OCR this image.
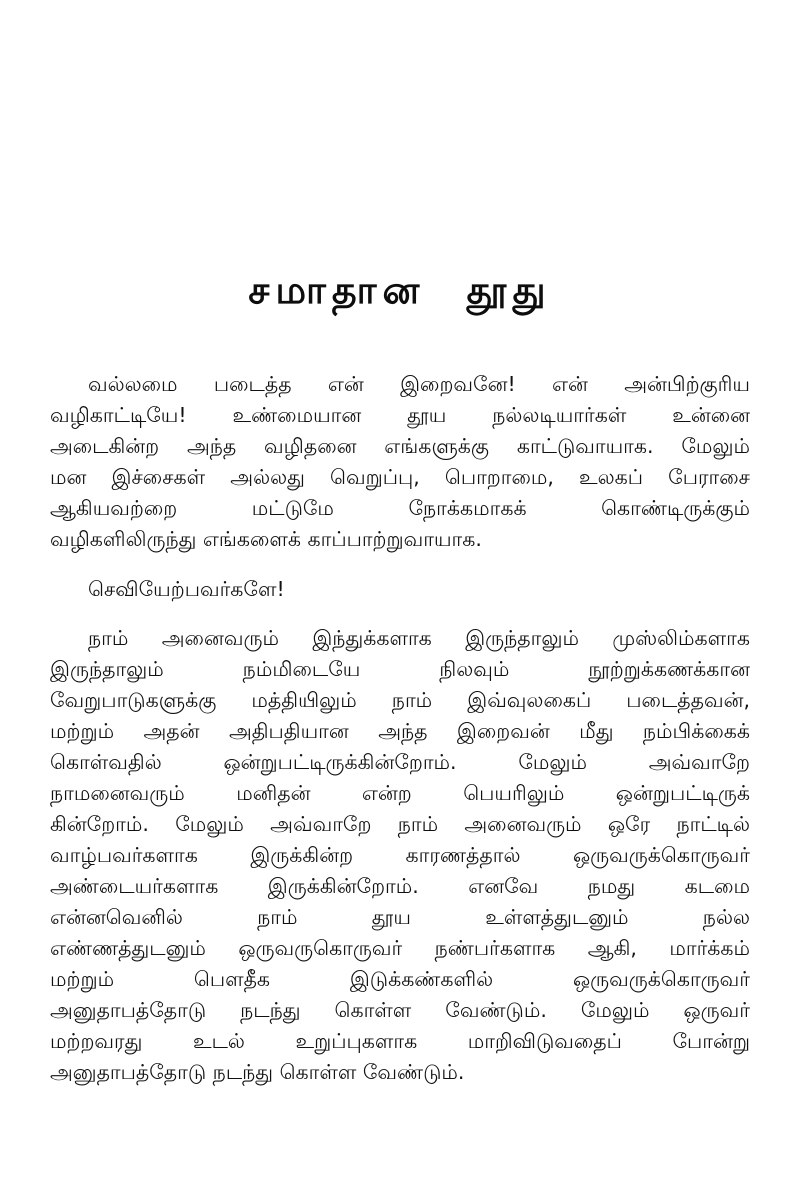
சமாதான தூது
வல்லமை படைத்த என் இறைவனே! என் அன்பிற்குரிய
வழிகாட்டியே! உண்மையான தூய நல்லடியார்கள் உன்னை
அடைகின்ற அந்த வழிதனை எங்களுக்கு காட்டுவாயாக. மேலும்
மன இச்சைகள் அல்லது வெறுப்பு, பொறாமை, உலகப் பேராசை
ஆகியவற்றை மட்டுமே நோக்கமாகக் கொண்டிருக்கும்
வழிகளிலிருந்து எங்களைக் காப்பாற்றுவாயாக.
செவியேற்பவர்களே!
நாம் அனைவரும் இந்துக்களாக இருந்தாலும் முஸ்லிம்களாக
இருந்தாலும் நம்மிடையே நிலவும் நூற்றுக்கணக்கான
வேறுபாடுகளுக்கு மத்தியிலும் நாம் இவ்வுலகைப் படைத்தவன்,
மற்றும் அதன் அதிபதியான அந்த இறைவன் மீது நம்பிக்கைக்
கொள்வதில் ஒன்றுபட்டிருக்கின்றோம். மேலும் அவ்வாறே
நாமனைவரும் மனிதன் என்ற பெயரிலும் ஒன்றுபட்டிருக்
கின்றோம். மேலும் அவ்வாறே நாம் அனைவரும் ஒரே நாட்டில்
வாழ்பவர்களாக இருக்கின்ற காரணத்தால் ஒருவருக்கொருவர்
அண்டையர்களாக இருக்கின்றோம். எனவே நமது கடமை
என்னவெனில் நாம் தூய உள்ளத்துடனும் நல்ல
எண்ணத்துடனும் ஒருவருகொருவர் நண்பர்களாக ஆகி, மார்க்கம்
மற்றும் பௌதீக இடுக்கண்களில் ஒருவருக்கொருவர்
அனுதாபத்தோடு நடந்து கொள்ள வேண்டும். மேலும் ஒருவர்
மற்றவரது உடல் உறுப்புகளாக மாறிவிடுவதைப் போன்று
அனுதாபத்தோடு நடந்து கொள்ள வேண்டும்.
